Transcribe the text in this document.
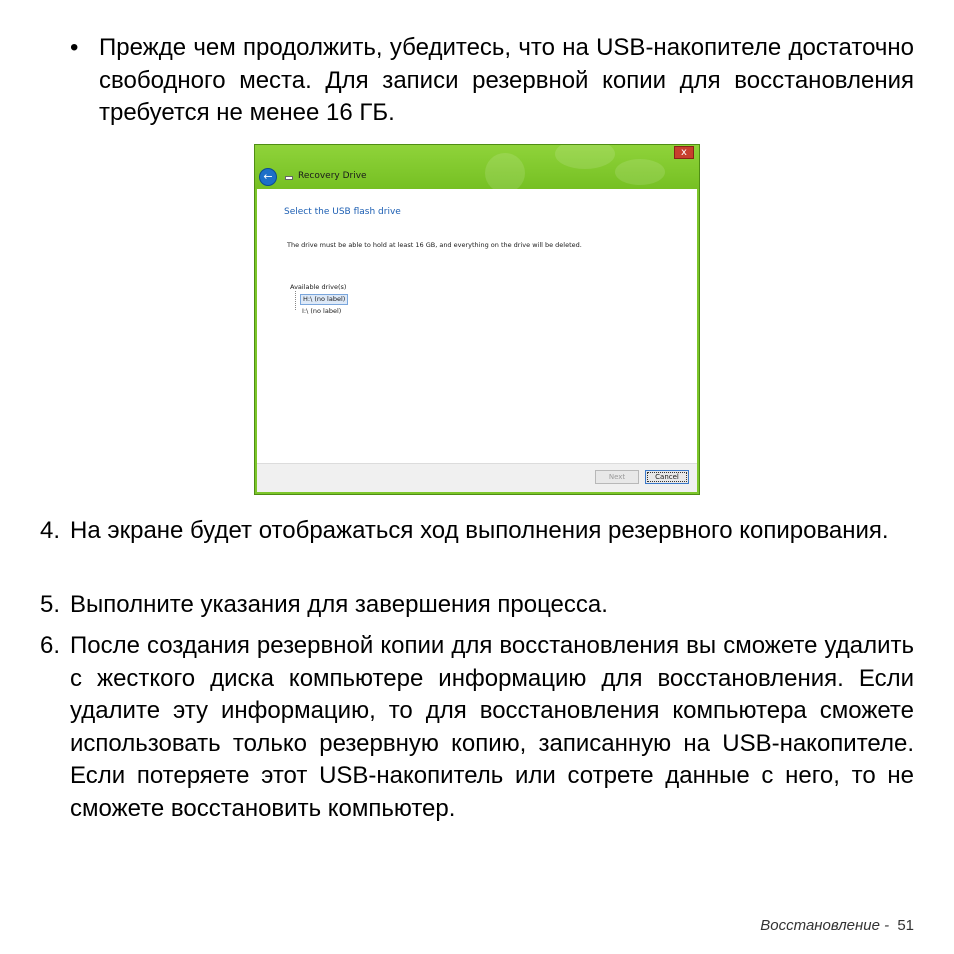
• Прежде чем продолжить, убедитесь, что на USB-накопителе достаточно свободного места. Для записи резервной копии для восстановления требуется не менее 16 ГБ.

x
←	Recovery Drive
Select the USB flash drive
The drive must be able to hold at least 16 GB, and everything on the drive will be deleted.
Available drive(s)
H:\ (no label)
I:\ (no label)
Next	Cancel
4. На экране будет отображаться ход выполнения резервного копирования.

5. Выполните указания для завершения процесса.

6. После создания резервной копии для восстановления вы сможете удалить с жесткого диска компьютере информацию для восстановления. Если удалите эту информацию, то для восстановления компьютера сможете использовать только резервную копию, записанную на USB-накопителе. Если потеряете этот USB-накопитель или сотрете данные с него, то не сможете восстановить компьютер.

Восстановление - 51
